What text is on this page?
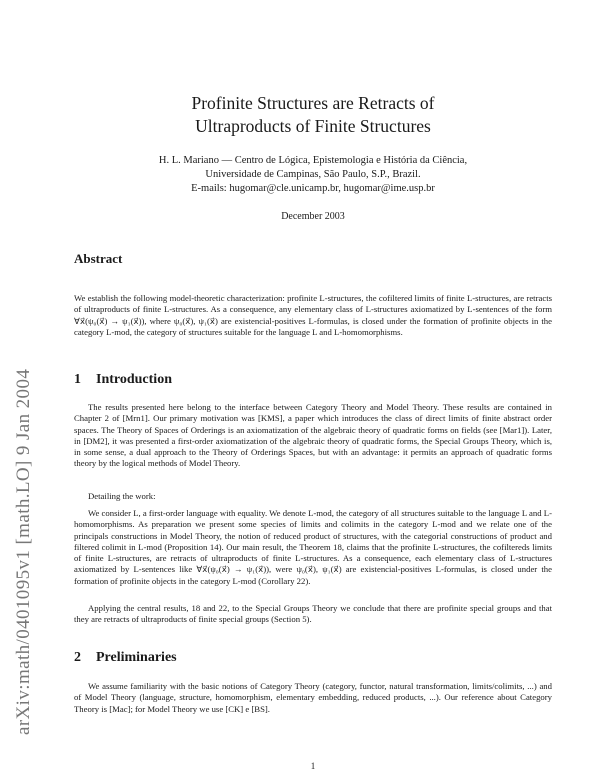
arXiv:math/0401095v1 [math.LO] 9 Jan 2004
Profinite Structures are Retracts of
Ultraproducts of Finite Structures
H. L. Mariano — Centro de Lógica, Epistemologia e História da Ciência,
Universidade de Campinas, São Paulo, S.P., Brazil.
E-mails: hugomar@cle.unicamp.br, hugomar@ime.usp.br
December 2003
Abstract
We establish the following model-theoretic characterization: profinite L-structures, the cofiltered limits of finite L-structures, are retracts of ultraproducts of finite L-structures. As a consequence, any elementary class of L-structures axiomatized by L-sentences of the form ∀x⃗(ψ₀(x⃗) → ψ₁(x⃗)), where ψ₀(x⃗), ψ₁(x⃗) are existencial-positives L-formulas, is closed under the formation of profinite objects in the category L-mod, the category of structures suitable for the language L and L-homomorphisms.
1 Introduction
The results presented here belong to the interface between Category Theory and Model Theory. These results are contained in Chapter 2 of [Mrn1]. Our primary motivation was [KMS], a paper which introduces the class of direct limits of finite abstract order spaces. The Theory of Spaces of Orderings is an axiomatization of the algebraic theory of quadratic forms on fields (see [Mar1]). Later, in [DM2], it was presented a first-order axiomatization of the algebraic theory of quadratic forms, the Special Groups Theory, which is, in some sense, a dual approach to the Theory of Orderings Spaces, but with an advantage: it permits an approach of quadratic forms theory by the logical methods of Model Theory.
Detailing the work:
We consider L, a first-order language with equality. We denote L-mod, the category of all structures suitable to the language L and L-homomorphisms. As preparation we present some species of limits and colimits in the category L-mod and we relate one of the principals constructions in Model Theory, the notion of reduced product of structures, with the categorial constructions of product and filtered colimit in L-mod (Proposition 14). Our main result, the Theorem 18, claims that the profinite L-structures, the cofiltereds limits of finite L-structures, are retracts of ultraproducts of finite L-structures. As a consequence, each elementary class of L-structures axiomatized by L-sentences like ∀x⃗(ψ₀(x⃗) → ψ₁(x⃗)), were ψ₀(x⃗), ψ₁(x⃗) are existencial-positives L-formulas, is closed under the formation of profinite objects in the category L-mod (Corollary 22).
Applying the central results, 18 and 22, to the Special Groups Theory we conclude that there are profinite special groups and that they are retracts of ultraproducts of finite special groups (Section 5).
2 Preliminaries
We assume familiarity with the basic notions of Category Theory (category, functor, natural transformation, limits/colimits, ...) and of Model Theory (language, structure, homomorphism, elementary embedding, reduced products, ...). Our reference about Category Theory is [Mac]; for Model Theory we use [CK] e [BS].
1
